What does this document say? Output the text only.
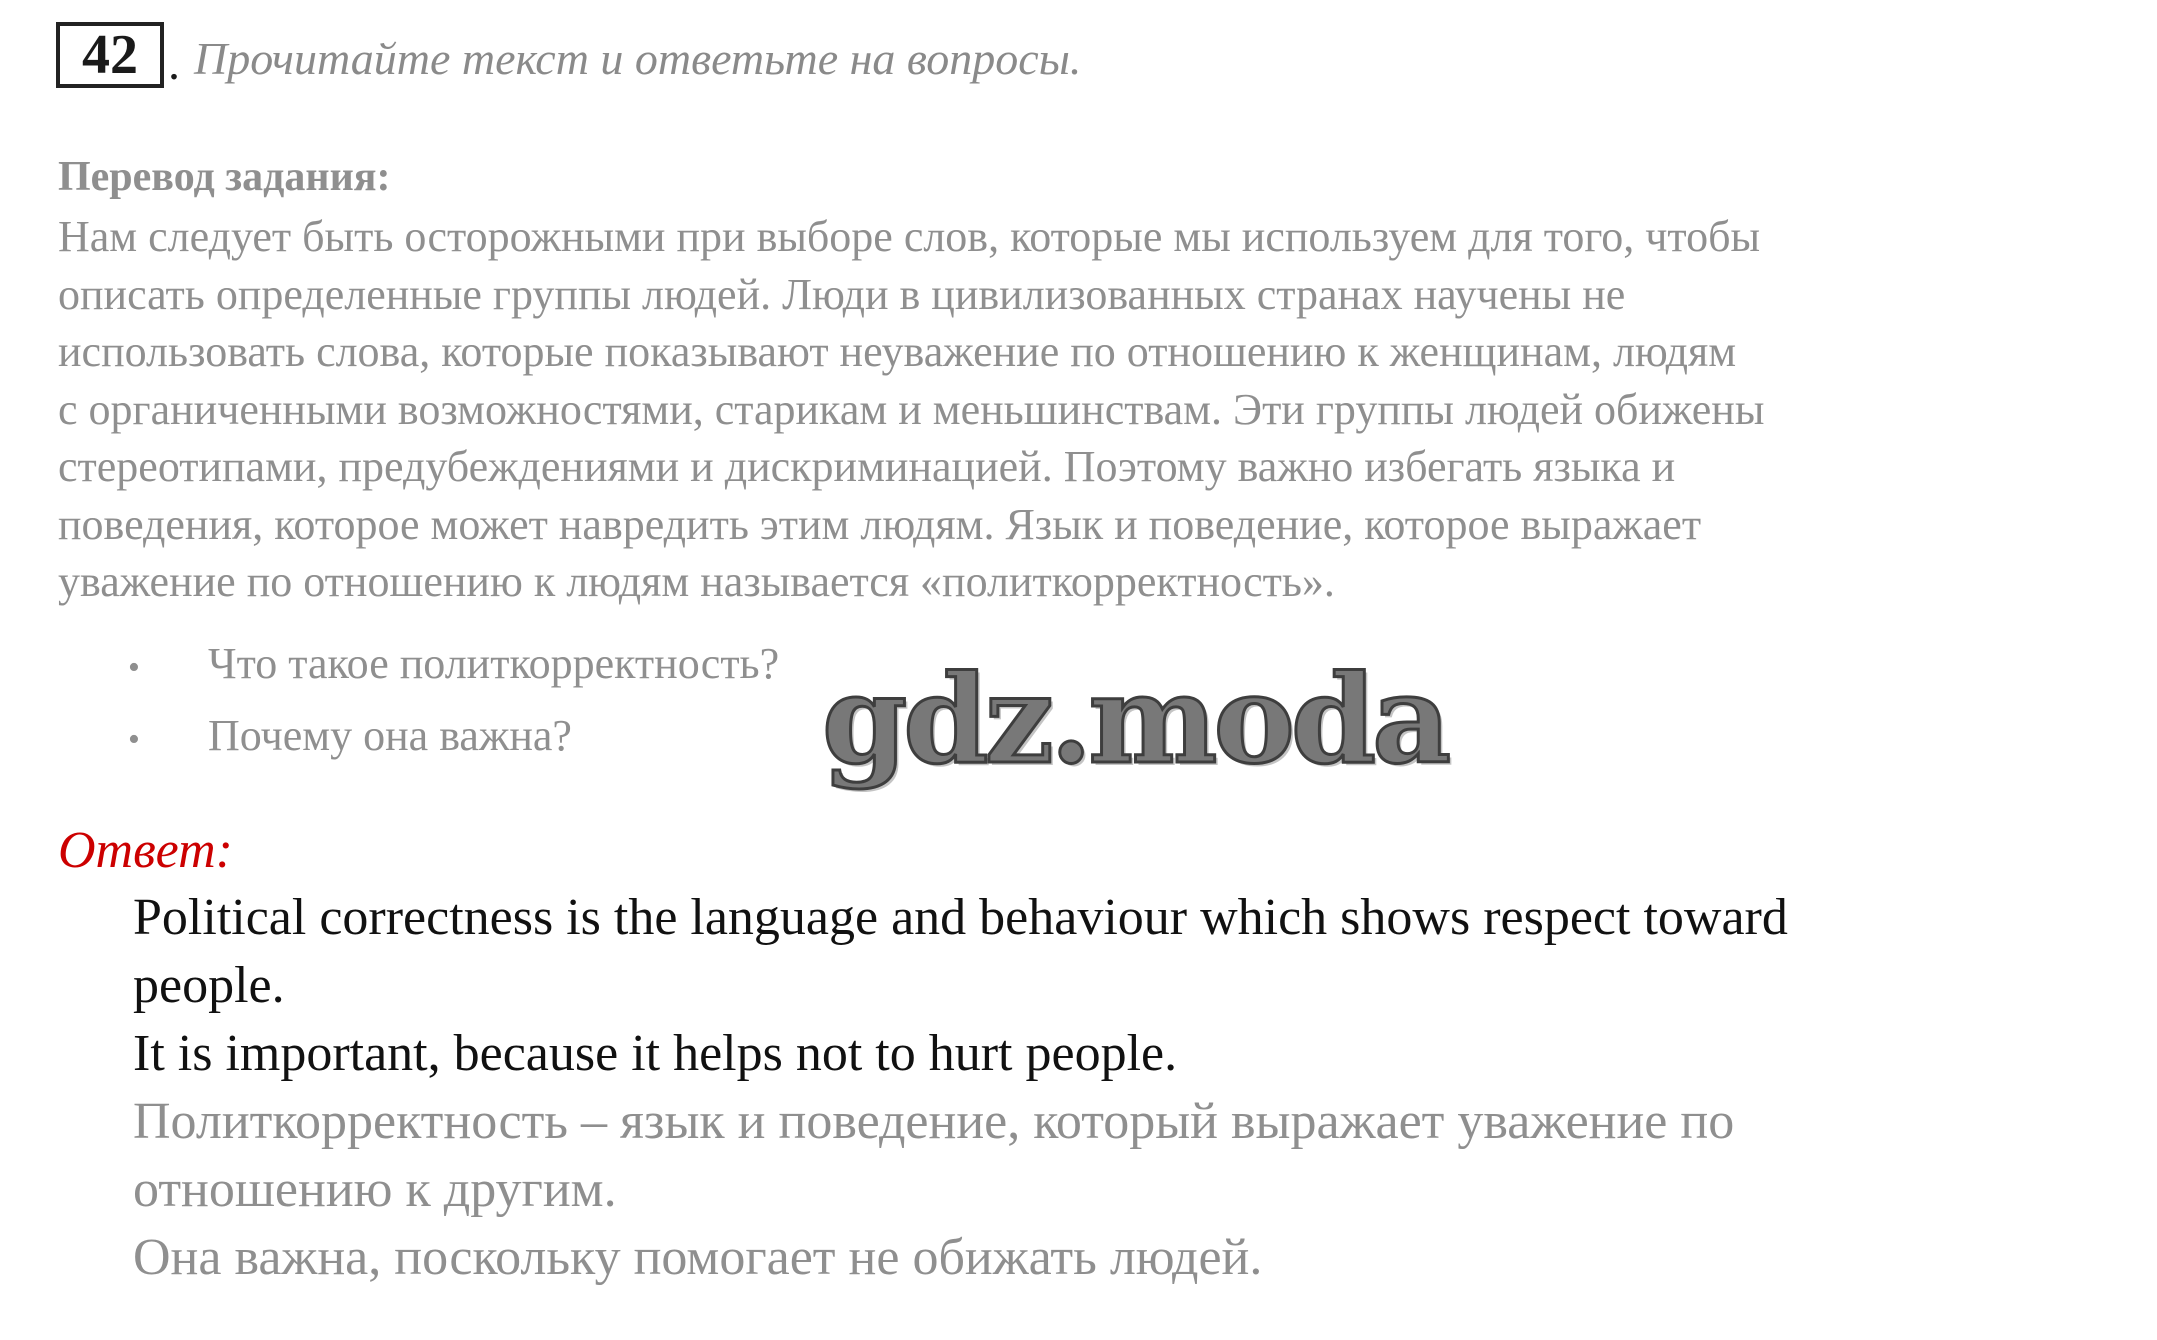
42 . Прочитайте текст и ответьте на вопросы.
Перевод задания:
Нам следует быть осторожными при выборе слов, которые мы используем для того, чтобы
описать определенные группы людей. Люди в цивилизованных странах научены не
использовать слова, которые показывают неуважение по отношению к женщинам, людям
с органиченными возможностями, старикам и меньшинствам. Эти группы людей обижены
стереотипами, предубеждениями и дискриминацией. Поэтому важно избегать языка и
поведения, которое может навредить этим людям. Язык и поведение, которое выражает
уважение по отношению к людям называется «политкорректность».
•	Что такое политкорректность?
•	Почему она важна? gdz.moda
Ответ:
Political correctness is the language and behaviour which shows respect toward
people.
It is important, because it helps not to hurt people.
Политкорректность – язык и поведение, который выражает уважение по
отношению к другим.
Она важна, поскольку помогает не обижать людей.
